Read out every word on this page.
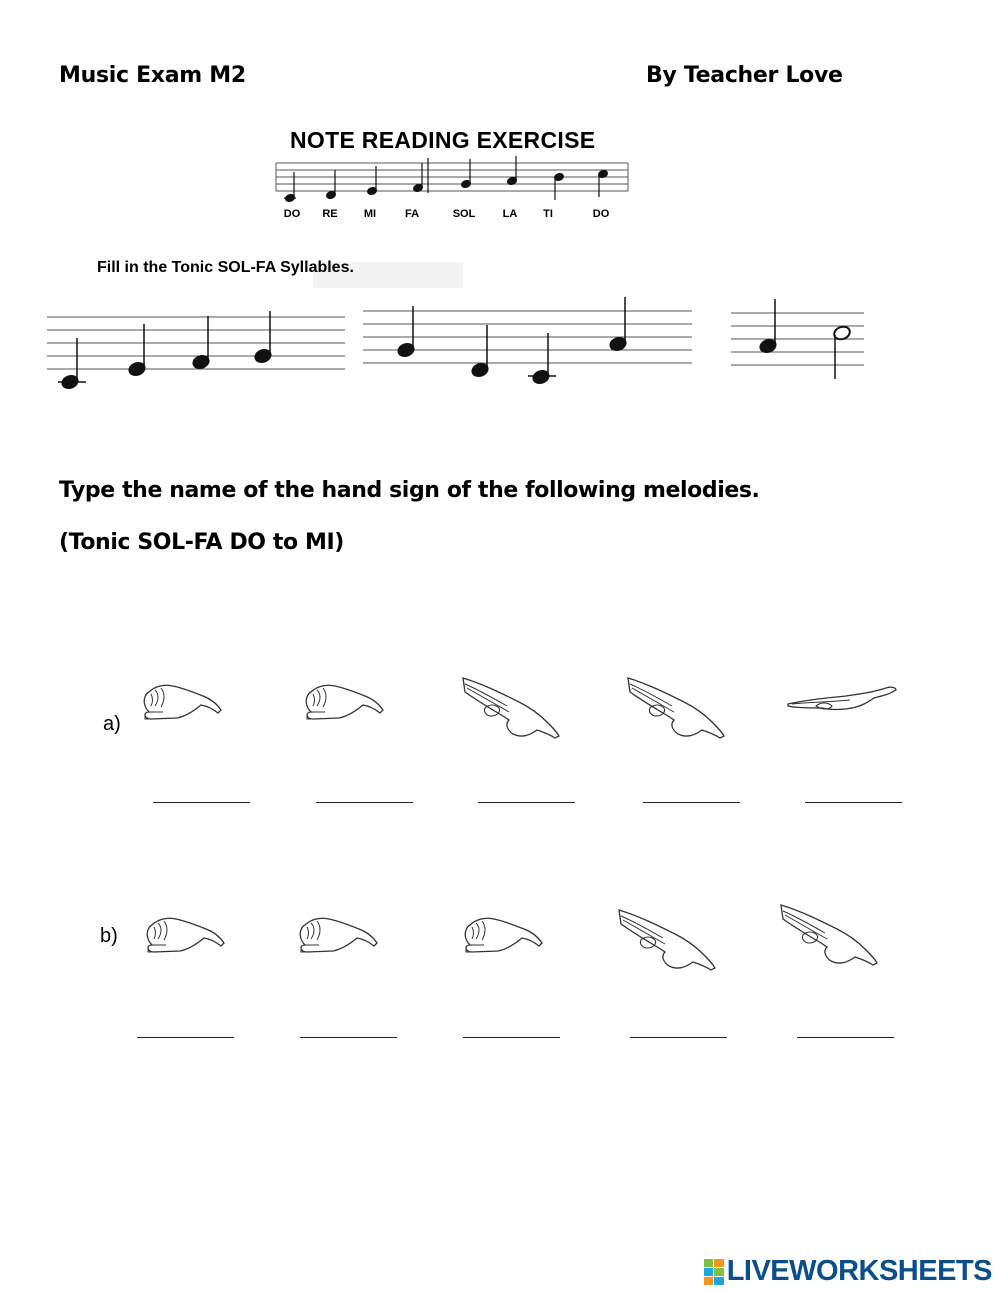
Music Exam M2	By Teacher Love
NOTE READING EXERCISE
DO RE MI	FA	SOL LA TI	DO
Fill in the Tonic SOL-FA Syllables.
Type the name of the hand sign of the following melodies.
(Tonic SOL-FA DO to MI)
a)
b)
LIVEWORKSHEETS
